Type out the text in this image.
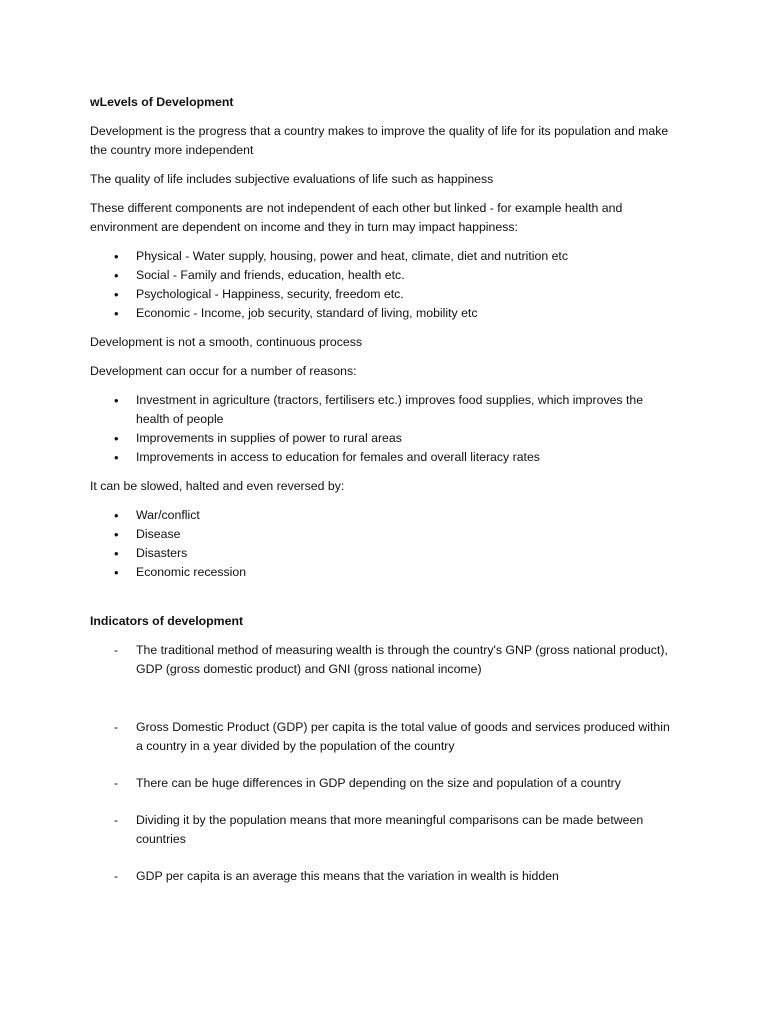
wLevels of Development

Development is the progress that a country makes to improve the quality of life for its population and make the country more independent

The quality of life includes subjective evaluations of life such as happiness

These different components are not independent of each other but linked - for example health and environment are dependent on income and they in turn may impact happiness:

• Physical - Water supply, housing, power and heat, climate, diet and nutrition etc
• Social - Family and friends, education, health etc.
• Psychological - Happiness, security, freedom etc.
• Economic - Income, job security, standard of living, mobility etc

Development is not a smooth, continuous process

Development can occur for a number of reasons:

• Investment in agriculture (tractors, fertilisers etc.) improves food supplies, which improves the health of people
• Improvements in supplies of power to rural areas
• Improvements in access to education for females and overall literacy rates

It can be slowed, halted and even reversed by:

• War/conflict
• Disease
• Disasters
• Economic recession
Indicators of development
- The traditional method of measuring wealth is through the country's GNP (gross national product), GDP (gross domestic product) and GNI (gross national income)
- Gross Domestic Product (GDP) per capita is the total value of goods and services produced within a country in a year divided by the population of the country
- There can be huge differences in GDP depending on the size and population of a country
- Dividing it by the population means that more meaningful comparisons can be made between countries
- GDP per capita is an average this means that the variation in wealth is hidden
